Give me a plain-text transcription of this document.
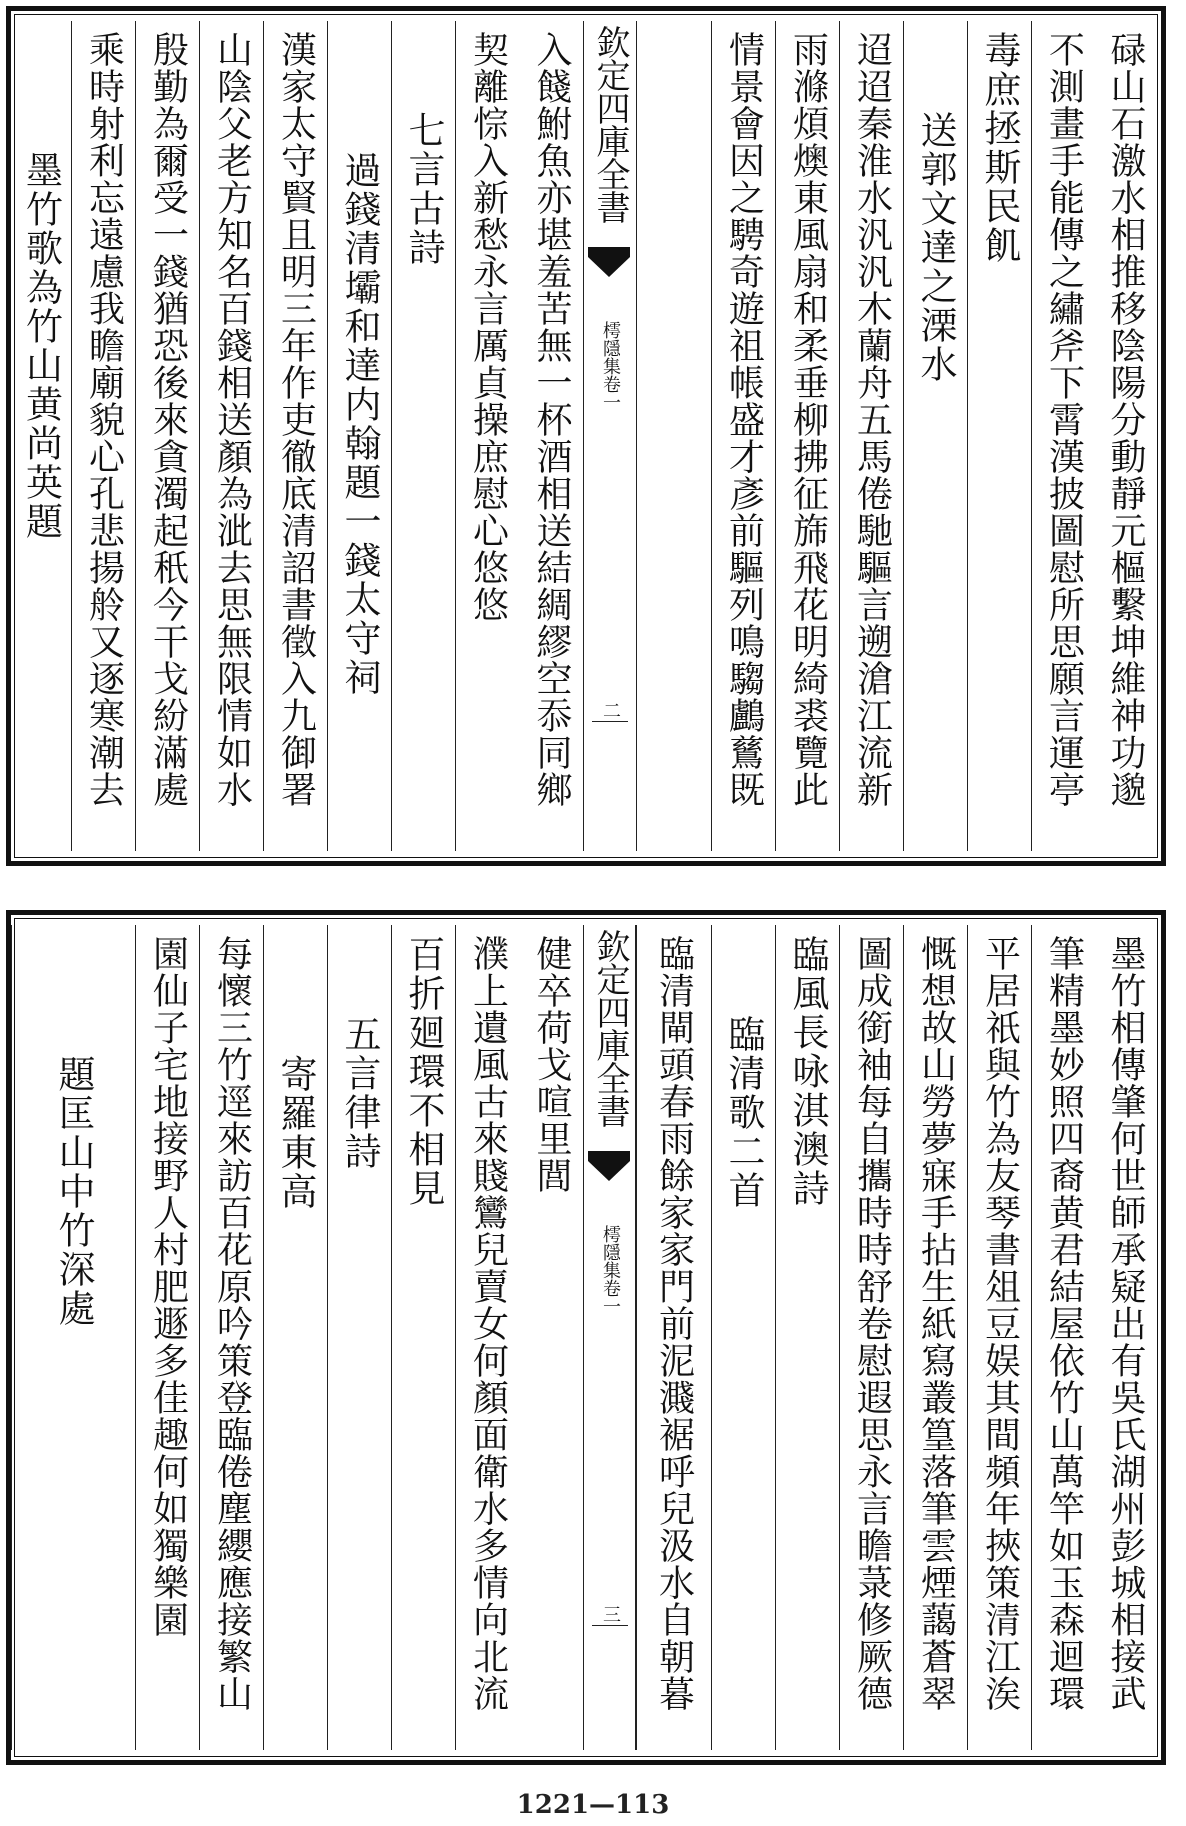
碌山石激水相推移陰陽分動靜元樞繫坤維神功邈
不測畫手能傳之繡斧下霄漢披圖慰所思願言運亭
毒庶拯斯民飢
送郭文達之溧水
迢迢秦淮水汎汎木蘭舟五馬倦馳驅言遡滄江流新
雨滌煩燠東風扇和柔垂柳拂征旆飛花明綺裘覽此
情景會因之騁奇遊祖帳盛才彥前驅列鳴騶鸕鶿既
欽定四庫全書
樗隱集卷一
二
入餞鮒魚亦堪羞苦無一杯酒相送結綢繆空忝同鄉
契離悰入新愁永言厲貞操庶慰心悠悠
七言古詩
過錢清壩和達内翰題一錢太守祠
漢家太守賢且明三年作吏徹底清詔書徵入九御署
山陰父老方知名百錢相送顏為泚去思無限情如水
殷勤為爾受一錢猶恐後來貪濁起秖今干戈紛滿處
乘時射利忘遠慮我瞻廟貌心孔悲揚舲又逐寒潮去
墨竹歌為竹山黄尚英題
墨竹相傳肇何世師承疑出有吳氏湖州彭城相接武
筆精墨妙照四裔黄君結屋依竹山萬竿如玉森迴環
平居祇與竹為友琴書俎豆娱其間頻年挾策清江涘
慨想故山勞夢寐手拈生紙寫叢篁落筆雲煙藹蒼翠
圖成銜袖每自攜時時舒卷慰遐思永言瞻菉修厥德
臨風長咏淇澳詩
臨清歌二首
臨清閘頭春雨餘家家門前泥濺裾呼兒汲水自朝暮
欽定四庫全書
樗隱集卷一
三
健卒荷戈喧里閭
濮上遺風古來賤鸞兒賣女何顏面衛水多情向北流
百折廻環不相見
五言律詩
寄羅東高
每懷三竹逕來訪百花原吟策登臨倦塵纓應接繁山
園仙子宅地接野人村肥遯多佳趣何如獨樂園
題匡山中竹深處
1221—113
